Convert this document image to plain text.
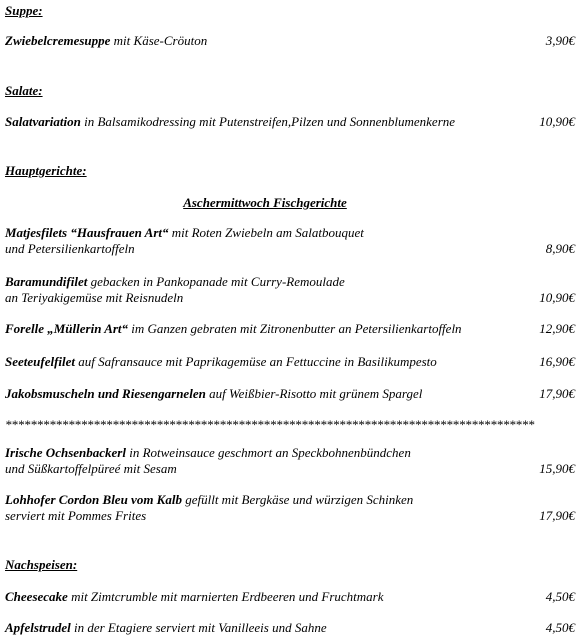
Suppe:
Zwiebelcremesuppe mit Käse-Cröuton	3,90€
Salate:
Salatvariation in Balsamikodressing mit Putenstreifen,Pilzen und Sonnenblumenkerne	10,90€
Hauptgerichte:
Aschermittwoch Fischgerichte
Matjesfilets “Hausfrauen Art“ mit Roten Zwiebeln am Salatbouquet
und Petersilienkartoffeln	8,90€
Baramundifilet gebacken in Pankopanade mit Curry-Remoulade
an Teriyakigemüse mit Reisnudeln	10,90€
Forelle „Müllerin Art“ im Ganzen gebraten mit Zitronenbutter an Petersilienkartoffeln	12,90€
Seeteufelfilet auf Safransauce mit Paprikagemüse an Fettuccine in Basilikumpesto	16,90€
Jakobsmuscheln und Riesengarnelen auf Weißbier-Risotto mit grünem Spargel	17,90€
************************************************************************************
Irische Ochsenbackerl in Rotweinsauce geschmort an Speckbohnenbündchen
und Süßkartoffelpüreé mit Sesam	15,90€
Lohhofer Cordon Bleu vom Kalb gefüllt mit Bergkäse und würzigen Schinken
serviert mit Pommes Frites	17,90€
Nachspeisen:
Cheesecake mit Zimtcrumble mit marnierten Erdbeeren und Fruchtmark	4,50€
Apfelstrudel in der Etagiere serviert mit Vanilleeis und Sahne	4,50€
